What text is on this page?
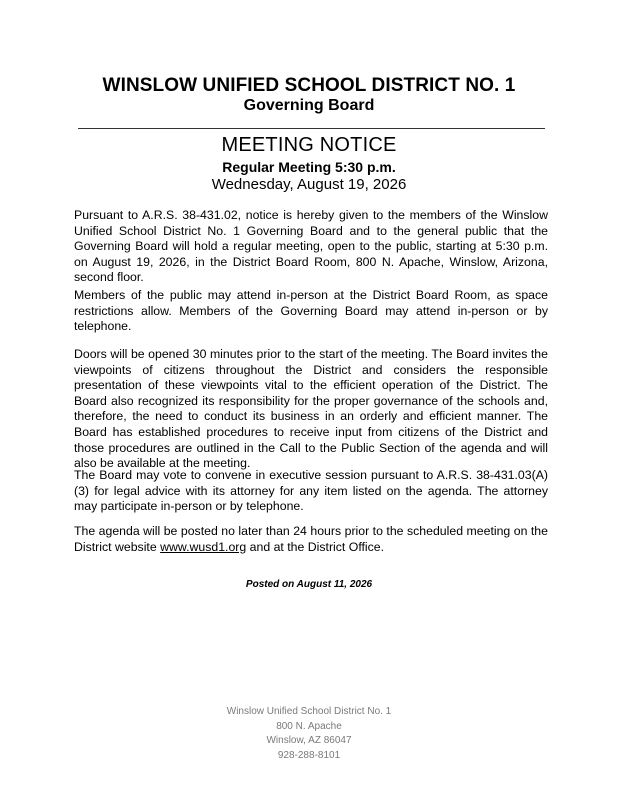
WINSLOW UNIFIED SCHOOL DISTRICT NO. 1
Governing Board
MEETING NOTICE
Regular Meeting 5:30 p.m.
Wednesday, August 19, 2026
Pursuant to A.R.S. 38-431.02, notice is hereby given to the members of the Winslow Unified School District No. 1 Governing Board and to the general public that the Governing Board will hold a regular meeting, open to the public, starting at 5:30 p.m. on August 19, 2026, in the District Board Room, 800 N. Apache, Winslow, Arizona, second floor.
Members of the public may attend in-person at the District Board Room, as space restrictions allow. Members of the Governing Board may attend in-person or by telephone.
Doors will be opened 30 minutes prior to the start of the meeting. The Board invites the viewpoints of citizens throughout the District and considers the responsible presentation of these viewpoints vital to the efficient operation of the District. The Board also recognized its responsibility for the proper governance of the schools and, therefore, the need to conduct its business in an orderly and efficient manner. The Board has established procedures to receive input from citizens of the District and those procedures are outlined in the Call to the Public Section of the agenda and will also be available at the meeting.
The Board may vote to convene in executive session pursuant to A.R.S. 38-431.03(A)(3) for legal advice with its attorney for any item listed on the agenda. The attorney may participate in-person or by telephone.
The agenda will be posted no later than 24 hours prior to the scheduled meeting on the District website www.wusd1.org and at the District Office.
Posted on August 11, 2026
Winslow Unified School District No. 1
800 N. Apache
Winslow, AZ 86047
928-288-8101
